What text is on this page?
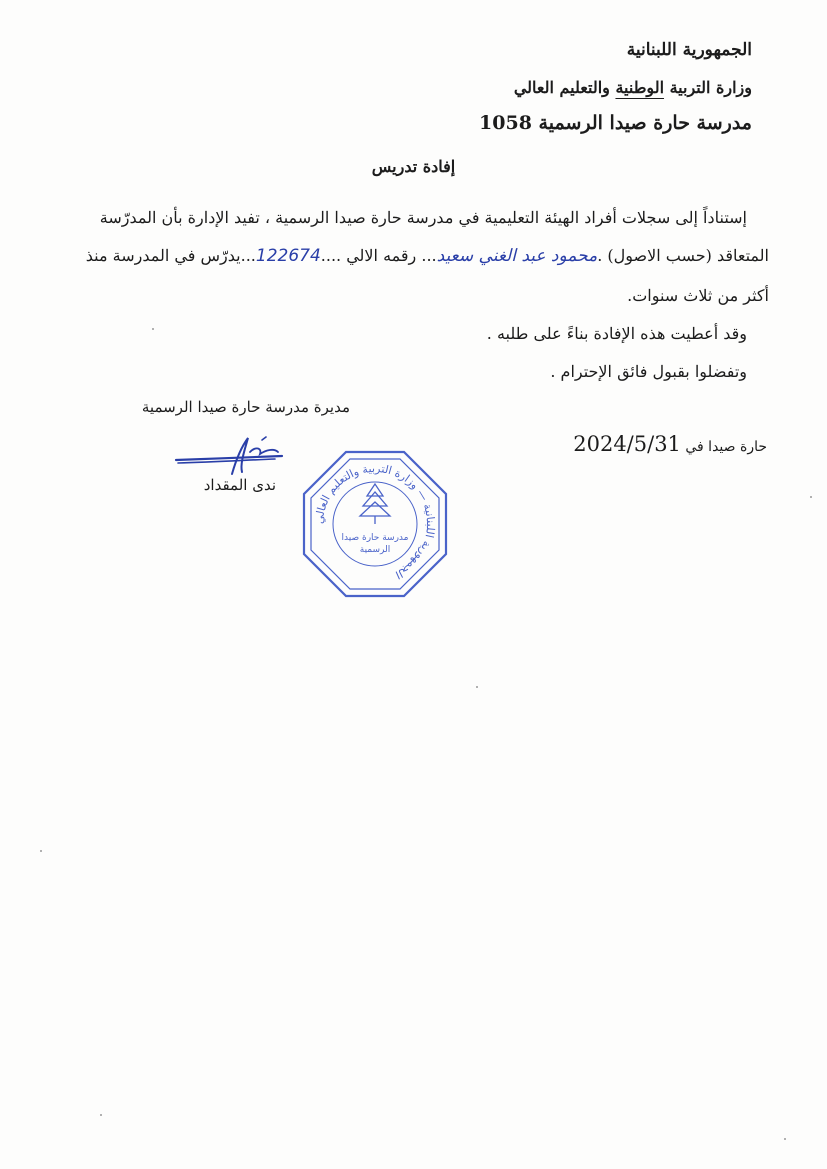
الجمهورية اللبنانية
وزارة التربية الوطنية والتعليم العالي
مدرسة حارة صيدا الرسمية 1058
إفادة تدريس
إستناداً إلى سجلات أفراد الهيئة التعليمية في مدرسة حارة صيدا الرسمية ، تفيد الإدارة بأن المدرّسة
المتعاقد (حسب الاصول) .محمود عبد الغني سعيد... رقمه الالي ....122674...يدرّس في المدرسة منذ
أكثر من ثلاث سنوات.
وقد أعطيت هذه الإفادة بناءً على طلبه .
وتفضلوا بقبول فائق الإحترام .
مديرة مدرسة حارة صيدا الرسمية
ندى المقداد
حارة صيدا في 2024/5/31
الجمهورية اللبنانية — وزارة التربية والتعليم العالي
مدرسة حارة صيدا
الرسمية
